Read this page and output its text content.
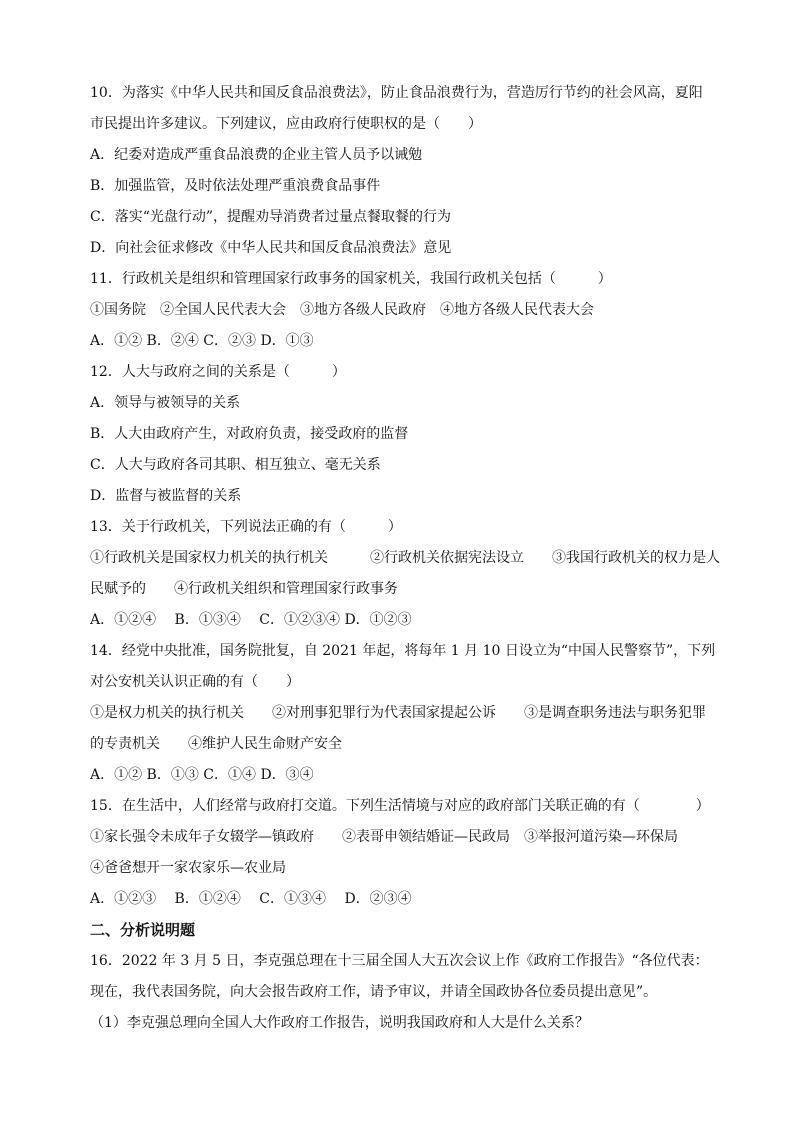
10．为落实《中华人民共和国反食品浪费法》，防止食品浪费行为，营造厉行节约的社会风高，夏阳
市民提出许多建议。下列建议，应由政府行使职权的是（　　）
A．纪委对造成严重食品浪费的企业主管人员予以诫勉
B．加强监管，及时依法处理严重浪费食品事件
C．落实“光盘行动”，提醒劝导消费者过量点餐取餐的行为
D．向社会征求修改《中华人民共和国反食品浪费法》意见
11．行政机关是组织和管理国家行政事务的国家机关，我国行政机关包括（　　　）
①国务院　②全国人民代表大会　③地方各级人民政府　④地方各级人民代表大会
A．①② B．②④ C．②③ D．①③
12．人大与政府之间的关系是（　　　）
A．领导与被领导的关系
B．人大由政府产生，对政府负责，接受政府的监督
C．人大与政府各司其职、相互独立、毫无关系
D．监督与被监督的关系
13．关于行政机关，下列说法正确的有（　　　）
①行政机关是国家权力机关的执行机关　　　②行政机关依据宪法设立　　③我国行政机关的权力是人
民赋予的　　④行政机关组织和管理国家行政事务
A．①②④　 B．①③④　 C．①②③④ D．①②③
14．经党中央批准，国务院批复，自 2021 年起，将每年 1 月 10 日设立为“中国人民警察节”，下列
对公安机关认识正确的有（　　）
①是权力机关的执行机关　　②对刑事犯罪行为代表国家提起公诉　　③是调查职务违法与职务犯罪
的专责机关　　④维护人民生命财产安全
A．①② B．①③ C．①④ D．③④
15．在生活中，人们经常与政府打交道。下列生活情境与对应的政府部门关联正确的有（　　　　）
①家长强令未成年子女辍学—镇政府　　②表哥申领结婚证—民政局　③举报河道污染—环保局
④爸爸想开一家农家乐—农业局
A．①②③　 B．①②④　 C．①③④　 D．②③④
二、分析说明题
16．2022 年 3 月 5 日，李克强总理在十三届全国人大五次会议上作《政府工作报告》“各位代表：
现在，我代表国务院，向大会报告政府工作，请予审议，并请全国政协各位委员提出意见”。
（1）李克强总理向全国人大作政府工作报告，说明我国政府和人大是什么关系？
